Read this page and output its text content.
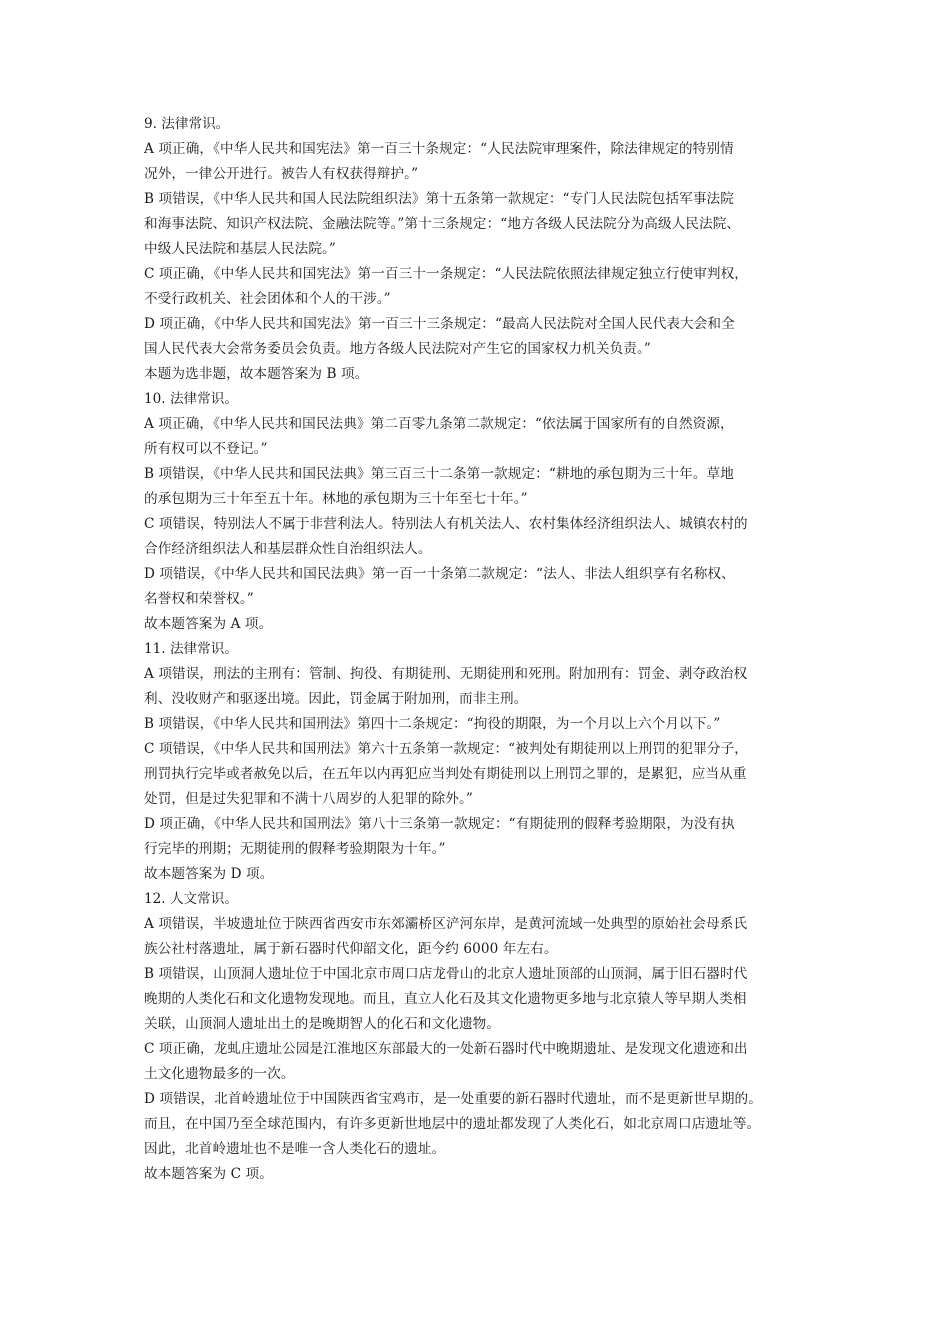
9. 法律常识。
A 项正确，《中华人民共和国宪法》第一百三十条规定：“人民法院审理案件，除法律规定的特别情
况外，一律公开进行。被告人有权获得辩护。”
B 项错误，《中华人民共和国人民法院组织法》第十五条第一款规定：“专门人民法院包括军事法院
和海事法院、知识产权法院、金融法院等。”第十三条规定：“地方各级人民法院分为高级人民法院、
中级人民法院和基层人民法院。”
C 项正确，《中华人民共和国宪法》第一百三十一条规定：“人民法院依照法律规定独立行使审判权，
不受行政机关、社会团体和个人的干涉。”
D 项正确，《中华人民共和国宪法》第一百三十三条规定：“最高人民法院对全国人民代表大会和全
国人民代表大会常务委员会负责。地方各级人民法院对产生它的国家权力机关负责。”
本题为选非题，故本题答案为 B 项。
10. 法律常识。
A 项正确，《中华人民共和国民法典》第二百零九条第二款规定：“依法属于国家所有的自然资源，
所有权可以不登记。”
B 项错误，《中华人民共和国民法典》第三百三十二条第一款规定：“耕地的承包期为三十年。草地
的承包期为三十年至五十年。林地的承包期为三十年至七十年。”
C 项错误，特别法人不属于非营利法人。特别法人有机关法人、农村集体经济组织法人、城镇农村的
合作经济组织法人和基层群众性自治组织法人。
D 项错误，《中华人民共和国民法典》第一百一十条第二款规定：“法人、非法人组织享有名称权、
名誉权和荣誉权。”
故本题答案为 A 项。
11. 法律常识。
A 项错误，刑法的主刑有：管制、拘役、有期徒刑、无期徒刑和死刑。附加刑有：罚金、剥夺政治权
利、没收财产和驱逐出境。因此，罚金属于附加刑，而非主刑。
B 项错误，《中华人民共和国刑法》第四十二条规定：“拘役的期限，为一个月以上六个月以下。”
C 项错误，《中华人民共和国刑法》第六十五条第一款规定：“被判处有期徒刑以上刑罚的犯罪分子，
刑罚执行完毕或者赦免以后，在五年以内再犯应当判处有期徒刑以上刑罚之罪的，是累犯，应当从重
处罚，但是过失犯罪和不满十八周岁的人犯罪的除外。”
D 项正确，《中华人民共和国刑法》第八十三条第一款规定：“有期徒刑的假释考验期限，为没有执
行完毕的刑期；无期徒刑的假释考验期限为十年。”
故本题答案为 D 项。
12. 人文常识。
A 项错误，半坡遗址位于陕西省西安市东郊灞桥区浐河东岸，是黄河流域一处典型的原始社会母系氏
族公社村落遗址，属于新石器时代仰韶文化，距今约 6000 年左右。
B 项错误，山顶洞人遗址位于中国北京市周口店龙骨山的北京人遗址顶部的山顶洞，属于旧石器时代
晚期的人类化石和文化遗物发现地。而且，直立人化石及其文化遗物更多地与北京猿人等早期人类相
关联，山顶洞人遗址出土的是晚期智人的化石和文化遗物。
C 项正确，龙虬庄遗址公园是江淮地区东部最大的一处新石器时代中晚期遗址、是发现文化遗迹和出
土文化遗物最多的一次。
D 项错误，北首岭遗址位于中国陕西省宝鸡市，是一处重要的新石器时代遗址，而不是更新世早期的。
而且，在中国乃至全球范围内，有许多更新世地层中的遗址都发现了人类化石，如北京周口店遗址等。
因此，北首岭遗址也不是唯一含人类化石的遗址。
故本题答案为 C 项。
